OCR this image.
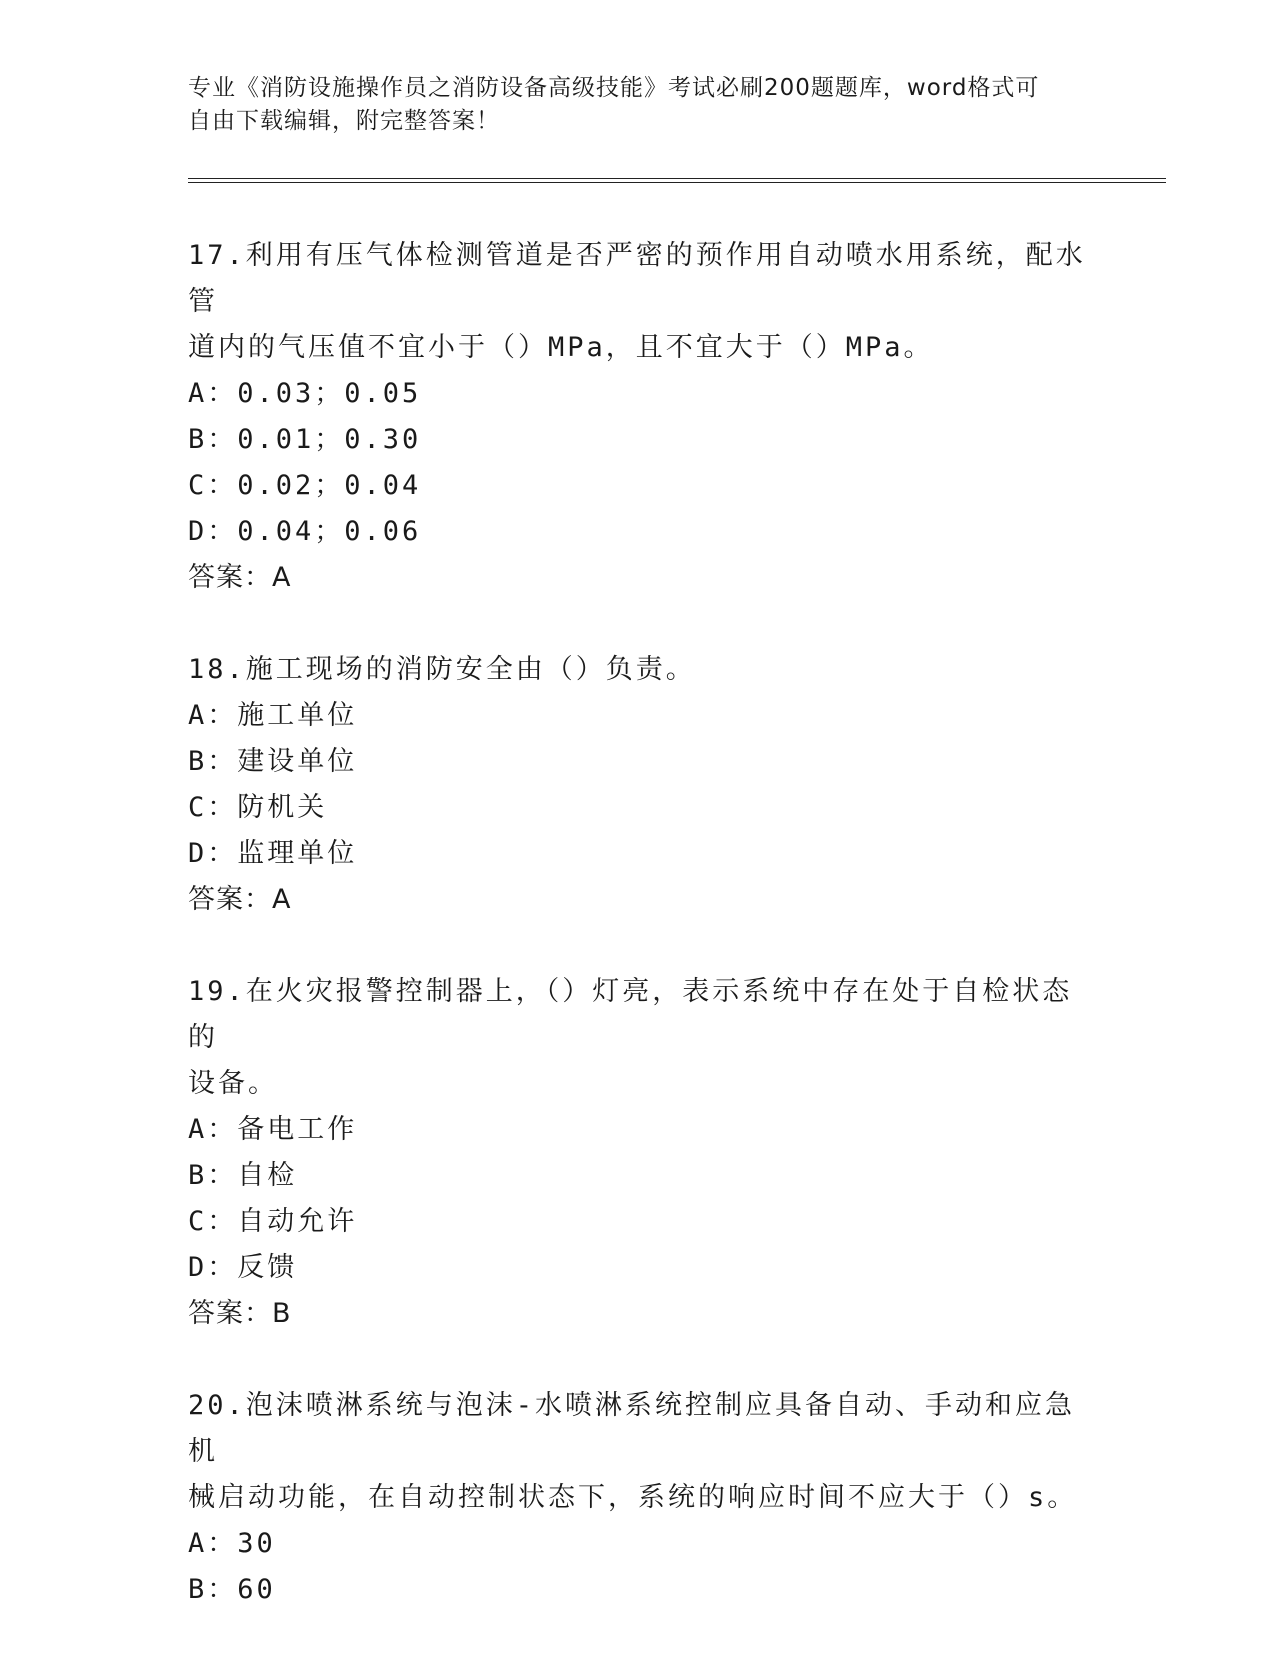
专业《消防设施操作员之消防设备高级技能》考试必刷200题题库，word格式可
自由下载编辑，附完整答案！
17.利用有压气体检测管道是否严密的预作用自动喷水用系统，配水管
道内的气压值不宜小于（）MPa，且不宜大于（）MPa。
A：0.03；0.05
B：0.01；0.30
C：0.02；0.04
D：0.04；0.06
答案：A
18.施工现场的消防安全由（）负责。
A：施工单位
B：建设单位
C：防机关
D：监理单位
答案：A
19.在火灾报警控制器上，（）灯亮，表示系统中存在处于自检状态的
设备。
A：备电工作
B：自检
C：自动允许
D：反馈
答案：B
20.泡沫喷淋系统与泡沫-水喷淋系统控制应具备自动、手动和应急机
械启动功能，在自动控制状态下，系统的响应时间不应大于（）s。
A：30
B：60
